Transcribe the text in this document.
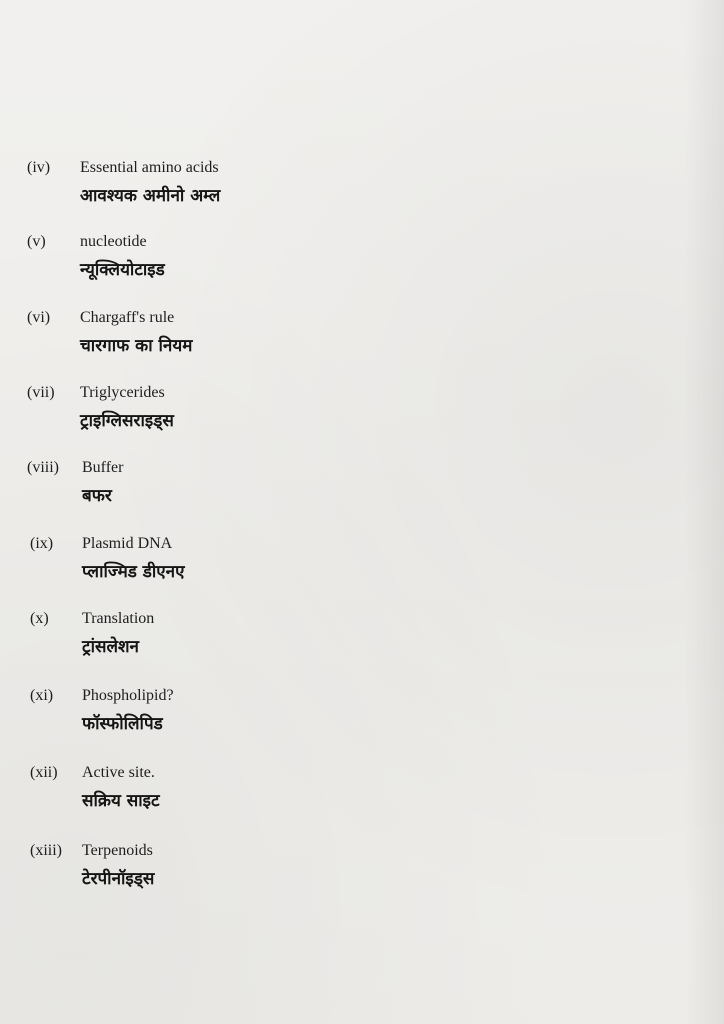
(iv) Essential amino acids
आवश्यक अमीनो अम्ल
(v) nucleotide
न्यूक्लियोटाइड
(vi) Chargaff's rule
चारगाफ का नियम
(vii) Triglycerides
ट्राइग्लिसराइड्स
(viii) Buffer
बफर
(ix) Plasmid DNA
प्लाज्मिड डीएनए
(x) Translation
ट्रांसलेशन
(xi) Phospholipid?
फॉस्फोलिपिड
(xii) Active site.
सक्रिय साइट
(xiii) Terpenoids
टेरपीनॉइड्स
